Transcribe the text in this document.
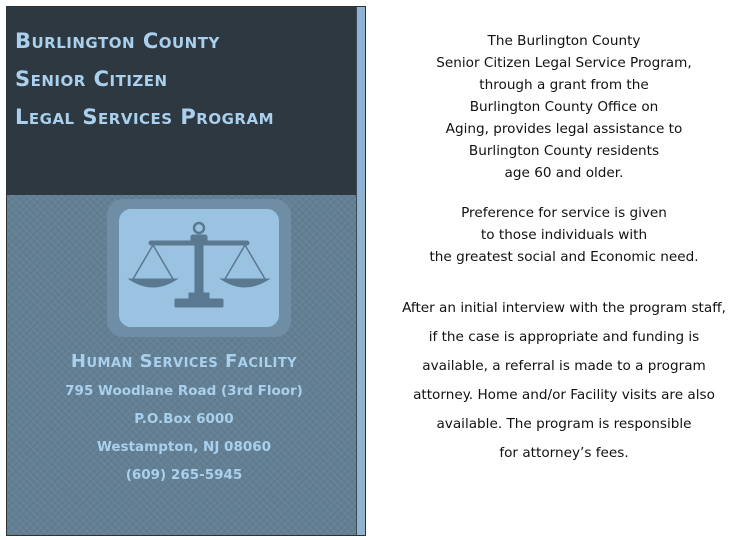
Burlington County
Senior Citizen
Legal Services Program
Human Services Facility
795 Woodlane Road (3rd Floor)
P.O.Box 6000
Westampton, NJ 08060
(609) 265-5945

The Burlington County
Senior Citizen Legal Service Program,
through a grant from the
Burlington County Office on
Aging, provides legal assistance to
Burlington County residents
age 60 and older.

Preference for service is given
to those individuals with
the greatest social and Economic need.

After an initial interview with the program staff,
if the case is appropriate and funding is
available, a referral is made to a program
attorney. Home and/or Facility visits are also
available. The program is responsible
for attorney’s fees.
